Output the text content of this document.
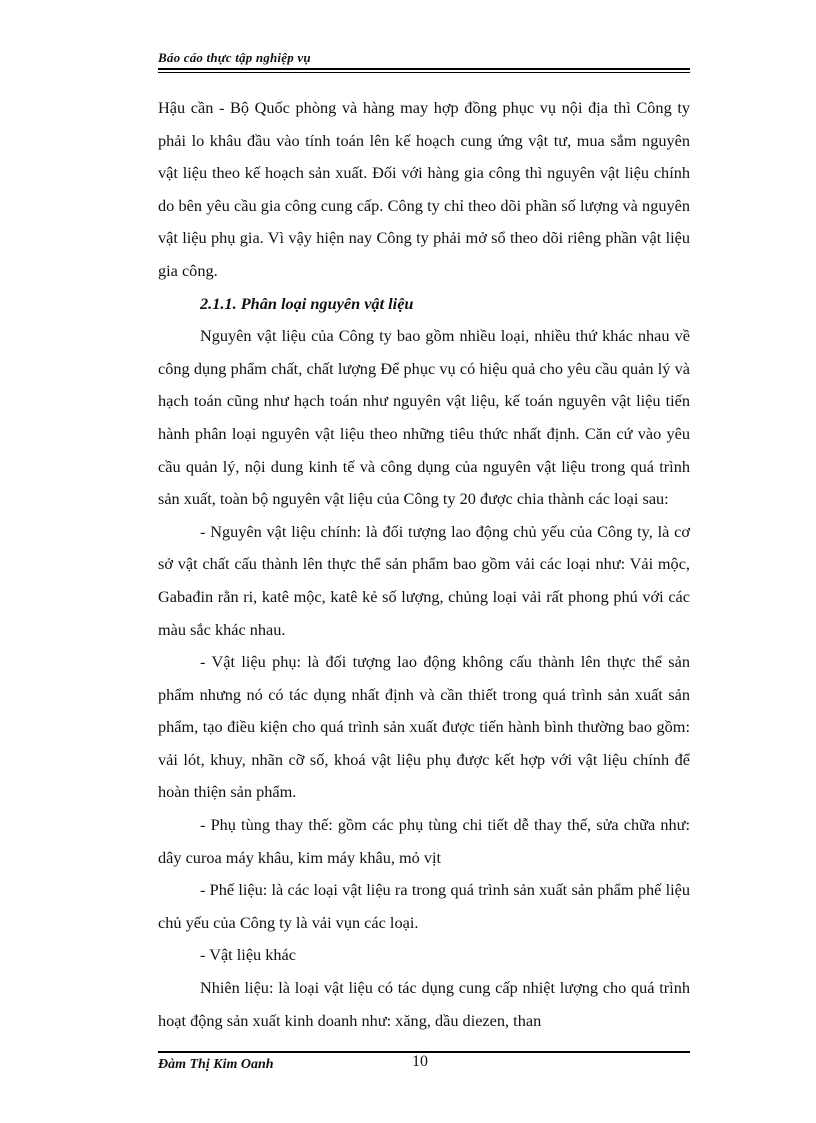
Báo cáo thực tập nghiệp vụ

Hậu cần - Bộ Quốc phòng và hàng may hợp đồng phục vụ nội địa thì Công ty phải lo khâu đầu vào tính toán lên kế hoạch cung ứng vật tư, mua sắm nguyên vật liệu theo kế hoạch sản xuất. Đối với hàng gia công thì nguyên vật liệu chính do bên yêu cầu gia công cung cấp. Công ty chỉ theo dõi phần số lượng và nguyên vật liệu phụ gia. Vì vậy hiện nay Công ty phải mở sổ theo dõi riêng phần vật liệu gia công.

2.1.1. Phân loại nguyên vật liệu

Nguyên vật liệu của Công ty bao gồm nhiều loại, nhiều thứ khác nhau về công dụng phẩm chất, chất lượng Để phục vụ có hiệu quả cho yêu cầu quản lý và hạch toán cũng như hạch toán như nguyên vật liệu, kế toán nguyên vật liệu tiến hành phân loại nguyên vật liệu theo những tiêu thức nhất định. Căn cứ vào yêu cầu quản lý, nội dung kinh tế và công dụng của nguyên vật liệu trong quá trình sản xuất, toàn bộ nguyên vật liệu của Công ty 20 được chia thành các loại sau:

- Nguyên vật liệu chính: là đối tượng lao động chủ yếu của Công ty, là cơ sở vật chất cấu thành lên thực thể sản phẩm bao gồm vải các loại như: Vải mộc, Gabađin rằn ri, katê mộc, katê kẻ số lượng, chủng loại vải rất phong phú với các màu sắc khác nhau.

- Vật liệu phụ: là đối tượng lao động không cấu thành lên thực thể sản phẩm nhưng nó có tác dụng nhất định và cần thiết trong quá trình sản xuất sản phẩm, tạo điều kiện cho quá trình sản xuất được tiến hành bình thường bao gồm: vải lót, khuy, nhãn cỡ số, khoá vật liệu phụ được kết hợp với vật liệu chính để hoàn thiện sản phẩm.

- Phụ tùng thay thế: gồm các phụ tùng chi tiết dễ thay thế, sửa chữa như: dây curoa máy khâu, kim máy khâu, mỏ vịt

- Phế liệu: là các loại vật liệu ra trong quá trình sản xuất sản phẩm phế liệu chủ yếu của Công ty là vải vụn các loại.

- Vật liệu khác

Nhiên liệu: là loại vật liệu có tác dụng cung cấp nhiệt lượng cho quá trình hoạt động sản xuất kinh doanh như: xăng, dầu diezen, than

Đàm Thị Kim Oanh	10
